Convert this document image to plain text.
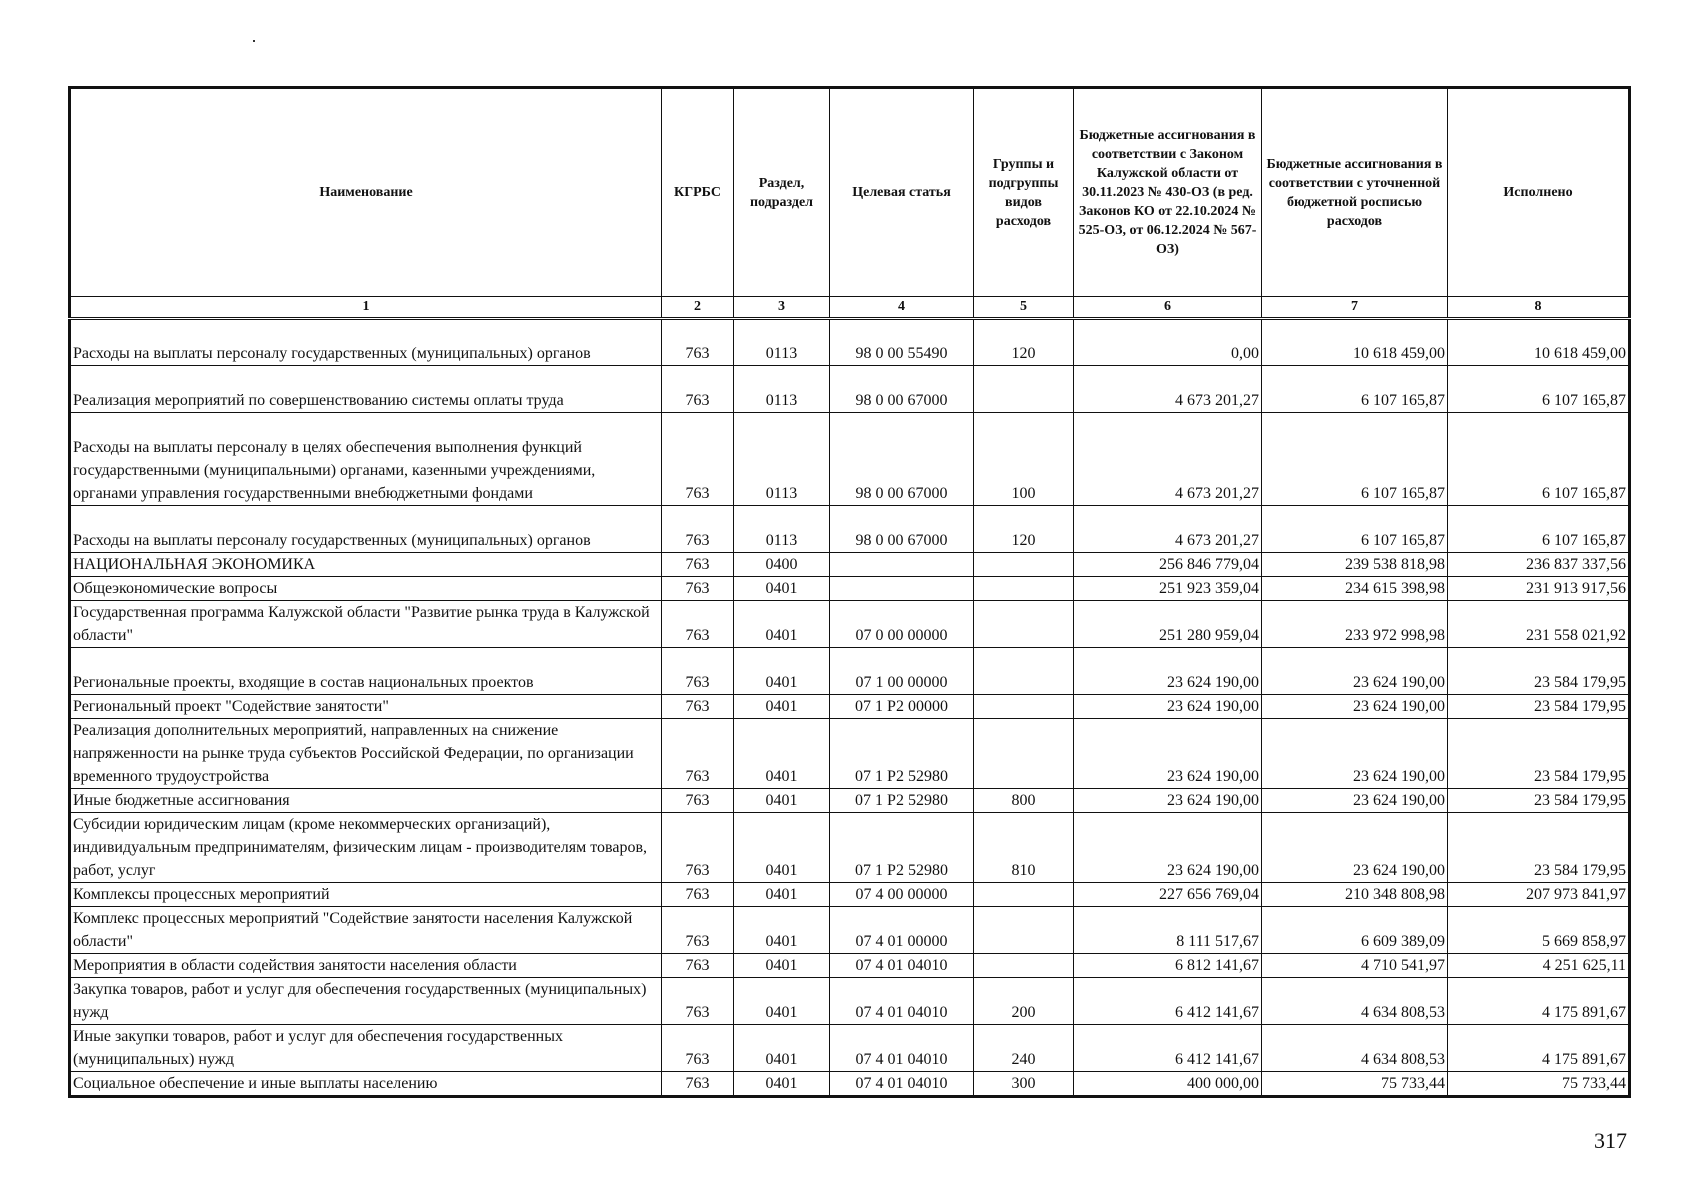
Наименование	КГРБС	Раздел, подраздел	Целевая статья	Группы и подгруппы видов расходов	Бюджетные ассигнования в соответствии с Законом Калужской области от 30.11.2023 № 430-ОЗ (в ред. Законов КО от 22.10.2024 № 525-ОЗ, от 06.12.2024 № 567-ОЗ)	Бюджетные ассигнования в соответствии с уточненной бюджетной росписью расходов	Исполнено
1	2	3	4	5	6	7	8
Расходы на выплаты персоналу государственных (муниципальных) органов	763	0113	98 0 00 55490	120	0,00	10 618 459,00	10 618 459,00
Реализация мероприятий по совершенствованию системы оплаты труда	763	0113	98 0 00 67000		4 673 201,27	6 107 165,87	6 107 165,87
Расходы на выплаты персоналу в целях обеспечения выполнения функций государственными (муниципальными) органами, казенными учреждениями, органами управления государственными внебюджетными фондами	763	0113	98 0 00 67000	100	4 673 201,27	6 107 165,87	6 107 165,87
Расходы на выплаты персоналу государственных (муниципальных) органов	763	0113	98 0 00 67000	120	4 673 201,27	6 107 165,87	6 107 165,87
НАЦИОНАЛЬНАЯ ЭКОНОМИКА	763	0400			256 846 779,04	239 538 818,98	236 837 337,56
Общеэкономические вопросы	763	0401			251 923 359,04	234 615 398,98	231 913 917,56
Государственная программа Калужской области "Развитие рынка труда в Калужской области"	763	0401	07 0 00 00000		251 280 959,04	233 972 998,98	231 558 021,92
Региональные проекты, входящие в состав национальных проектов	763	0401	07 1 00 00000		23 624 190,00	23 624 190,00	23 584 179,95
Региональный проект "Содействие занятости"	763	0401	07 1 P2 00000		23 624 190,00	23 624 190,00	23 584 179,95
Реализация дополнительных мероприятий, направленных на снижение напряженности на рынке труда субъектов Российской Федерации, по организации временного трудоустройства	763	0401	07 1 P2 52980		23 624 190,00	23 624 190,00	23 584 179,95
Иные бюджетные ассигнования	763	0401	07 1 P2 52980	800	23 624 190,00	23 624 190,00	23 584 179,95
Субсидии юридическим лицам (кроме некоммерческих организаций), индивидуальным предпринимателям, физическим лицам - производителям товаров, работ, услуг	763	0401	07 1 P2 52980	810	23 624 190,00	23 624 190,00	23 584 179,95
Комплексы процессных мероприятий	763	0401	07 4 00 00000		227 656 769,04	210 348 808,98	207 973 841,97
Комплекс процессных мероприятий "Содействие занятости населения Калужской области"	763	0401	07 4 01 00000		8 111 517,67	6 609 389,09	5 669 858,97
Мероприятия в области содействия занятости населения области	763	0401	07 4 01 04010		6 812 141,67	4 710 541,97	4 251 625,11
Закупка товаров, работ и услуг для обеспечения государственных (муниципальных) нужд	763	0401	07 4 01 04010	200	6 412 141,67	4 634 808,53	4 175 891,67
Иные закупки товаров, работ и услуг для обеспечения государственных (муниципальных) нужд	763	0401	07 4 01 04010	240	6 412 141,67	4 634 808,53	4 175 891,67
Социальное обеспечение и иные выплаты населению	763	0401	07 4 01 04010	300	400 000,00	75 733,44	75 733,44
317
